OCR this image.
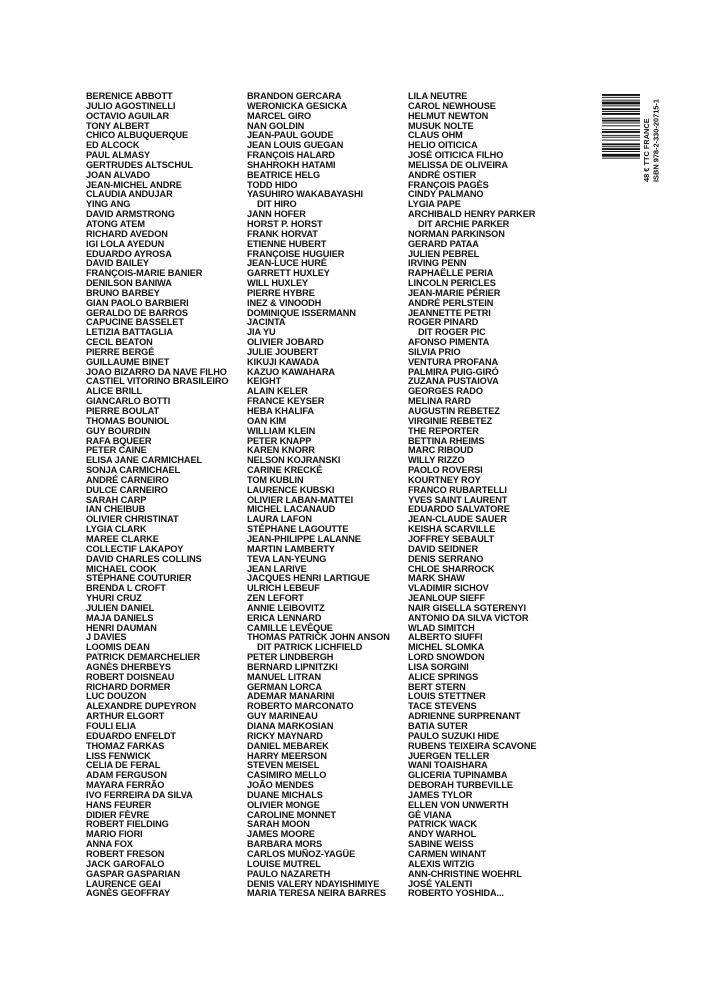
BERENICE ABBOTT
JULIO AGOSTINELLI
OCTAVIO AGUILAR
TONY ALBERT
CHICO ALBUQUERQUE
ED ALCOCK
PAUL ALMASY
GERTRUDES ALTSCHUL
JOAN ALVADO
JEAN-MICHEL ANDRE
CLAUDIA ANDUJAR
YING ANG
DAVID ARMSTRONG
ATONG ATEM
RICHARD AVEDON
IGI LOLA AYEDUN
EDUARDO AYROSA
DAVID BAILEY
FRANÇOIS-MARIE BANIER
DENILSON BANIWA
BRUNO BARBEY
GIAN PAOLO BARBIERI
GERALDO DE BARROS
CAPUCINE BASSELET
LETIZIA BATTAGLIA
CECIL BEATON
PIERRE BERGÉ
GUILLAUME BINET
JOAO BIZARRO DA NAVE FILHO
CASTIEL VITORINO BRASILEIRO
ALICE BRILL
GIANCARLO BOTTI
PIERRE BOULAT
THOMAS BOUNIOL
GUY BOURDIN
RAFA BQUEER
PETER CAINE
ELISA JANE CARMICHAEL
SONJA CARMICHAEL
ANDRÉ CARNEIRO
DULCE CARNEIRO
SARAH CARP
IAN CHEIBUB
OLIVIER CHRISTINAT
LYGIA CLARK
MAREE CLARKE
COLLECTIF LAKAPOY
DAVID CHARLES COLLINS
MICHAEL COOK
STÉPHANE COUTURIER
BRENDA L CROFT
YHURI CRUZ
JULIEN DANIEL
MAJA DANIELS
HENRI DAUMAN
J DAVIES
LOOMIS DEAN
PATRICK DEMARCHELIER
AGNÈS DHERBEYS
ROBERT DOISNEAU
RICHARD DORMER
LUC DOUZON
ALEXANDRE DUPEYRON
ARTHUR ELGORT
FOULI ELIA
EDUARDO ENFELDT
THOMAZ FARKAS
LISS FENWICK
CELIA DE FERAL
ADAM FERGUSON
MAYARA FERRÃO
IVO FERREIRA DA SILVA
HANS FEURER
DIDIER FÈVRE
ROBERT FIELDING
MARIO FIORI
ANNA FOX
ROBERT FRESON
JACK GAROFALO
GASPAR GASPARIAN
LAURENCE GEAI
AGNÈS GEOFFRAY
BRANDON GERCARA
WERONICKA GESICKA
MARCEL GIRO
NAN GOLDIN
JEAN-PAUL GOUDE
JEAN LOUIS GUEGAN
FRANÇOIS HALARD
SHAHROKH HATAMI
BEATRICE HELG
TODD HIDO
YASUHIRO WAKABAYASHI
DIT HIRO
JANN HOFER
HORST P. HORST
FRANK HORVAT
ETIENNE HUBERT
FRANÇOISE HUGUIER
JEAN-LUCE HURÉ
GARRETT HUXLEY
WILL HUXLEY
PIERRE HYBRE
INEZ & VINOODH
DOMINIQUE ISSERMANN
JACINTA
JIA YU
OLIVIER JOBARD
JULIE JOUBERT
KIKUJI KAWADA
KAZUO KAWAHARA
KEIGHT
ALAIN KELER
FRANCE KEYSER
HEBA KHALIFA
OAN KIM
WILLIAM KLEIN
PETER KNAPP
KAREN KNORR
NELSON KOJRANSKI
CARINE KRECKÉ
TOM KUBLIN
LAURENCE KUBSKI
OLIVIER LABAN-MATTEI
MICHEL LACANAUD
LAURA LAFON
STÉPHANE LAGOUTTE
JEAN-PHILIPPE LALANNE
MARTIN LAMBERTY
TEVA LAN-YEUNG
JEAN LARIVE
JACQUES HENRI LARTIGUE
ULRICH LEBEUF
ZEN LEFORT
ANNIE LEIBOVITZ
ERICA LENNARD
CAMILLE LEVÊQUE
THOMAS PATRICK JOHN ANSON
DIT PATRICK LICHFIELD
PETER LINDBERGH
BERNARD LIPNITZKI
MANUEL LITRAN
GERMAN LORCA
ADEMAR MANARINI
ROBERTO MARCONATO
GUY MARINEAU
DIANA MARKOSIAN
RICKY MAYNARD
DANIEL MEBAREK
HARRY MEERSON
STEVEN MEISEL
CASIMIRO MELLO
JOÃO MENDES
DUANE MICHALS
OLIVIER MONGE
CAROLINE MONNET
SARAH MOON
JAMES MOORE
BARBARA MORS
CARLOS MUÑOZ-YAGÜE
LOUISE MUTREL
PAULO NAZARETH
DENIS VALERY NDAYISHIMIYE
MARIA TERESA NEIRA BARRES
LILA NEUTRE
CAROL NEWHOUSE
HELMUT NEWTON
MUSUK NOLTE
CLAUS OHM
HELIO OITICICA
JOSÉ OITICICA FILHO
MELISSA DE OLIVEIRA
ANDRÉ OSTIER
FRANÇOIS PAGÈS
CINDY PALMANO
LYGIA PAPE
ARCHIBALD HENRY PARKER
DIT ARCHIE PARKER
NORMAN PARKINSON
GERARD PATAA
JULIEN PEBREL
IRVING PENN
RAPHAËLLE PERIA
LINCOLN PERICLES
JEAN-MARIE PÉRIER
ANDRÉ PERLSTEIN
JEANNETTE PETRI
ROGER PINARD
DIT ROGER PIC
AFONSO PIMENTA
SILVIA PRIO
VENTURA PROFANA
PALMIRA PUIG-GIRÓ
ZUZANA PUSTAIOVA
GEORGES RADO
MELINA RARD
AUGUSTIN REBETEZ
VIRGINIE REBETEZ
THE REPORTER
BETTINA RHEIMS
MARC RIBOUD
WILLY RIZZO
PAOLO ROVERSI
KOURTNEY ROY
FRANCO RUBARTELLI
YVES SAINT LAURENT
EDUARDO SALVATORE
JEAN-CLAUDE SAUER
KEISHA SCARVILLE
JOFFREY SEBAULT
DAVID SEIDNER
DENIS SERRANO
CHLOE SHARROCK
MARK SHAW
VLADIMIR SICHOV
JEANLOUP SIEFF
NAIR GISELLA SGTERENYI
ANTONIO DA SILVA VICTOR
WLAD SIMITCH
ALBERTO SIUFFI
MICHEL SLOMKA
LORD SNOWDON
LISA SORGINI
ALICE SPRINGS
BERT STERN
LOUIS STETTNER
TACE STEVENS
ADRIENNE SURPRENANT
BATIA SUTER
PAULO SUZUKI HIDE
RUBENS TEIXEIRA SCAVONE
JUERGEN TELLER
WANI TOAISHARA
GLICERIA TUPINAMBA
DEBORAH TURBEVILLE
JAMES TYLOR
ELLEN VON UNWERTH
GÉ VIANA
PATRICK WACK
ANDY WARHOL
SABINE WEISS
CARMEN WINANT
ALEXIS WITZIG
ANN-CHRISTINE WOEHRL
JOSÉ YALENTI
ROBERTO YOSHIDA...
48 € TTC FRANCE ISBN 978-2-330-20715-1
